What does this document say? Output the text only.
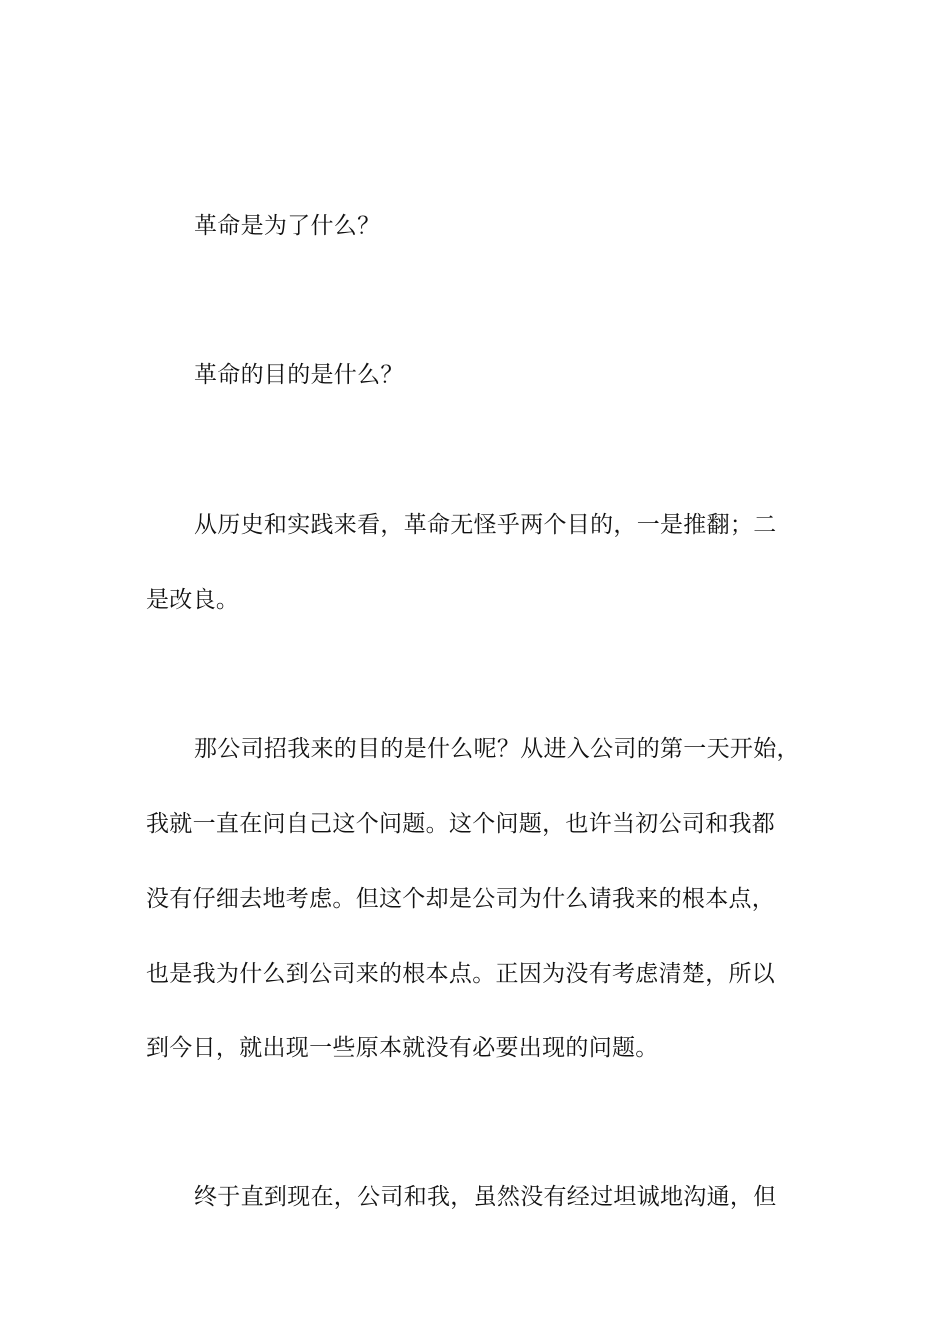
革命是为了什么？
革命的目的是什么？
从历史和实践来看，革命无怪乎两个目的，一是推翻；二
是改良。
那公司招我来的目的是什么呢？从进入公司的第一天开始，
我就一直在问自己这个问题。这个问题，也许当初公司和我都
没有仔细去地考虑。但这个却是公司为什么请我来的根本点，
也是我为什么到公司来的根本点。正因为没有考虑清楚，所以
到今日，就出现一些原本就没有必要出现的问题。
终于直到现在，公司和我，虽然没有经过坦诚地沟通，但
